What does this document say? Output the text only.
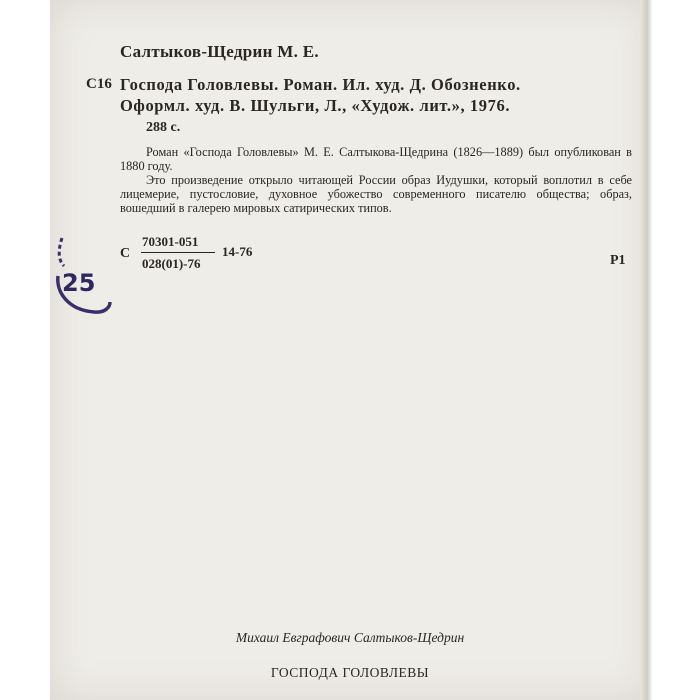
Салтыков-Щедрин М. Е.
С16 Господа Головлевы. Роман. Ил. худ. Д. Обозненко.
Оформл. худ. В. Шульги, Л., «Худож. лит.», 1976.
288 с.

Роман «Господа Головлевы» М. Е. Салтыкова-Щедрина (1826—1889) был опубликован в 1880 году.

Это произведение открыло читающей России образ Иудушки, который воплотил в себе лицемерие, пустословие, духовное убожество современного писателю общества; образ, вошедший в галерею мировых сатирических типов.

С
70301-051
028(01)-76
14-76
Р1
25
Михаил Евграфович Салтыков-Щедрин
ГОСПОДА ГОЛОВЛЕВЫ
